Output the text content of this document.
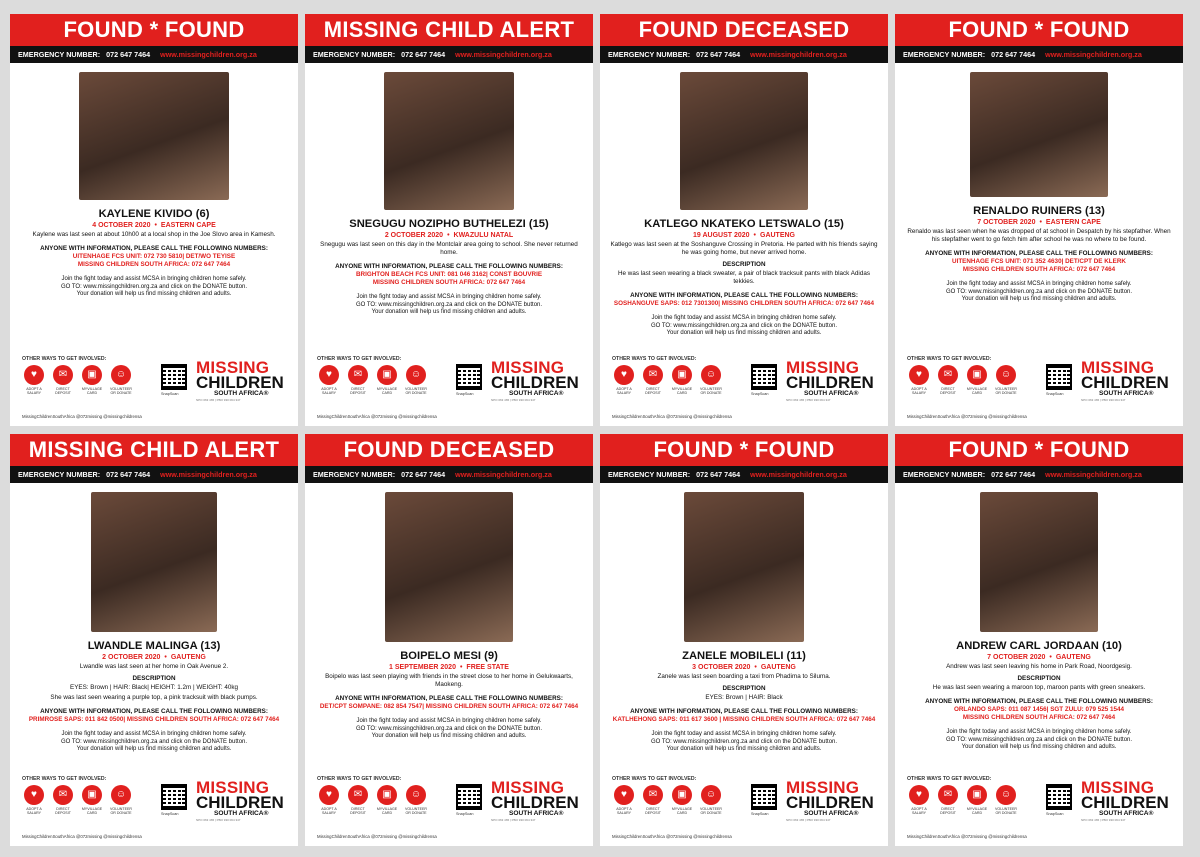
FOUND * FOUND
EMERGENCY NUMBER: 072 647 7464 www.missingchildren.org.za
KAYLENE KIVIDO (6)
4 OCTOBER 2020 • EASTERN CAPE
Kaylene was last seen at about 10h00 at a local shop in the Joe Slovo area in Kamesh.
ANYONE WITH INFORMATION, PLEASE CALL THE FOLLOWING NUMBERS:
UITENHAGE FCS UNIT: 072 730 5810| DET/WO TEYISE
MISSING CHILDREN SOUTH AFRICA: 072 647 7464
Join the fight today and assist MCSA in bringing children home safely.
GO TO: www.missingchildren.org.za and click on the DONATE button.
Your donation will help us find missing children and adults.
OTHER WAYS TO GET INVOLVED:
♥
ADOPT A SALARY
✉
DIRECT DEPOSIT
▣
MYVILLAGE CARD
☺
VOLUNTEER OR DONATE	SnapScan
MISSING
CHILDREN
SOUTH AFRICA®
NPO 063 465 | PBO 930 064 347
MissingChildrenSouthAfrica @072missing @missingchildrensa
MISSING CHILD ALERT
EMERGENCY NUMBER: 072 647 7464 www.missingchildren.org.za
SNEGUGU NOZIPHO BUTHELEZI (15)
2 OCTOBER 2020 • KWAZULU NATAL
Snegugu was last seen on this day in the Montclair area going to school. She never returned home.
ANYONE WITH INFORMATION, PLEASE CALL THE FOLLOWING NUMBERS:
BRIGHTON BEACH FCS UNIT: 081 046 3162| CONST BOUVRIE
MISSING CHILDREN SOUTH AFRICA: 072 647 7464
Join the fight today and assist MCSA in bringing children home safely.
GO TO: www.missingchildren.org.za and click on the DONATE button.
Your donation will help us find missing children and adults.
OTHER WAYS TO GET INVOLVED:
♥
ADOPT A SALARY
✉
DIRECT DEPOSIT
▣
MYVILLAGE CARD
☺
VOLUNTEER OR DONATE	SnapScan
MISSING
CHILDREN
SOUTH AFRICA®
NPO 063 465 | PBO 930 064 347
MissingChildrenSouthAfrica @072missing @missingchildrensa
FOUND DECEASED
EMERGENCY NUMBER: 072 647 7464 www.missingchildren.org.za
KATLEGO NKATEKO LETSWALO (15)
19 AUGUST 2020 • GAUTENG
Katlego was last seen at the Soshanguve Crossing in Pretoria. He parted with his friends saying he was going home, but never arrived home.
DESCRIPTION
He was last seen wearing a black sweater, a pair of black tracksuit pants with black Adidas tekkies.
ANYONE WITH INFORMATION, PLEASE CALL THE FOLLOWING NUMBERS:
SOSHANGUVE SAPS: 012 7301300| MISSING CHILDREN SOUTH AFRICA: 072 647 7464
Join the fight today and assist MCSA in bringing children home safely.
GO TO: www.missingchildren.org.za and click on the DONATE button.
Your donation will help us find missing children and adults.
OTHER WAYS TO GET INVOLVED:
♥
ADOPT A SALARY
✉
DIRECT DEPOSIT
▣
MYVILLAGE CARD
☺
VOLUNTEER OR DONATE	SnapScan
MISSING
CHILDREN
SOUTH AFRICA®
NPO 063 465 | PBO 930 064 347
MissingChildrenSouthAfrica @072missing @missingchildrensa
FOUND * FOUND
EMERGENCY NUMBER: 072 647 7464 www.missingchildren.org.za
RENALDO RUINERS (13)
7 OCTOBER 2020 • EASTERN CAPE
Renaldo was last seen when he was dropped of at school in Despatch by his stepfather. When his stepfather went to go fetch him after school he was no where to be found.
ANYONE WITH INFORMATION, PLEASE CALL THE FOLLOWING NUMBERS:
UITENHAGE FCS UNIT: 071 352 4630| DET/CPT DE KLERK
MISSING CHILDREN SOUTH AFRICA: 072 647 7464
Join the fight today and assist MCSA in bringing children home safely.
GO TO: www.missingchildren.org.za and click on the DONATE button.
Your donation will help us find missing children and adults.
OTHER WAYS TO GET INVOLVED:
♥
ADOPT A SALARY
✉
DIRECT DEPOSIT
▣
MYVILLAGE CARD
☺
VOLUNTEER OR DONATE	SnapScan
MISSING
CHILDREN
SOUTH AFRICA®
NPO 063 465 | PBO 930 064 347
MissingChildrenSouthAfrica @072missing @missingchildrensa
MISSING CHILD ALERT
EMERGENCY NUMBER: 072 647 7464 www.missingchildren.org.za
LWANDLE MALINGA (13)
2 OCTOBER 2020 • GAUTENG
Lwandle was last seen at her home in Oak Avenue 2.
DESCRIPTION
EYES: Brown | HAIR: Black| HEIGHT: 1.2m | WEIGHT: 40kg
She was last seen wearing a purple top, a pink tracksuit with black pumps.
ANYONE WITH INFORMATION, PLEASE CALL THE FOLLOWING NUMBERS:
PRIMROSE SAPS: 011 842 0500| MISSING CHILDREN SOUTH AFRICA: 072 647 7464
Join the fight today and assist MCSA in bringing children home safely.
GO TO: www.missingchildren.org.za and click on the DONATE button.
Your donation will help us find missing children and adults.
OTHER WAYS TO GET INVOLVED:
♥
ADOPT A SALARY
✉
DIRECT DEPOSIT
▣
MYVILLAGE CARD
☺
VOLUNTEER OR DONATE	SnapScan
MISSING
CHILDREN
SOUTH AFRICA®
NPO 063 465 | PBO 930 064 347
MissingChildrenSouthAfrica @072missing @missingchildrensa
FOUND DECEASED
EMERGENCY NUMBER: 072 647 7464 www.missingchildren.org.za
BOIPELO MESI (9)
1 SEPTEMBER 2020 • FREE STATE
Boipelo was last seen playing with friends in the street close to her home in Gelukwaarts, Maokeng.
ANYONE WITH INFORMATION, PLEASE CALL THE FOLLOWING NUMBERS:
DET/CPT SOMPANE: 082 854 7547| MISSING CHILDREN SOUTH AFRICA: 072 647 7464
Join the fight today and assist MCSA in bringing children home safely.
GO TO: www.missingchildren.org.za and click on the DONATE button.
Your donation will help us find missing children and adults.
OTHER WAYS TO GET INVOLVED:
♥
ADOPT A SALARY
✉
DIRECT DEPOSIT
▣
MYVILLAGE CARD
☺
VOLUNTEER OR DONATE	SnapScan
MISSING
CHILDREN
SOUTH AFRICA®
NPO 063 465 | PBO 930 064 347
MissingChildrenSouthAfrica @072missing @missingchildrensa
FOUND * FOUND
EMERGENCY NUMBER: 072 647 7464 www.missingchildren.org.za
ZANELE MOBILELI (11)
3 OCTOBER 2020 • GAUTENG
Zanele was last seen boarding a taxi from Phadima to Siluma.
DESCRIPTION
EYES: Brown | HAIR: Black
ANYONE WITH INFORMATION, PLEASE CALL THE FOLLOWING NUMBERS:
KATLHEHONG SAPS: 011 617 3600 | MISSING CHILDREN SOUTH AFRICA: 072 647 7464
Join the fight today and assist MCSA in bringing children home safely.
GO TO: www.missingchildren.org.za and click on the DONATE button.
Your donation will help us find missing children and adults.
OTHER WAYS TO GET INVOLVED:
♥
ADOPT A SALARY
✉
DIRECT DEPOSIT
▣
MYVILLAGE CARD
☺
VOLUNTEER OR DONATE	SnapScan
MISSING
CHILDREN
SOUTH AFRICA®
NPO 063 465 | PBO 930 064 347
MissingChildrenSouthAfrica @072missing @missingchildrensa
FOUND * FOUND
EMERGENCY NUMBER: 072 647 7464 www.missingchildren.org.za
ANDREW CARL JORDAAN (10)
7 OCTOBER 2020 • GAUTENG
Andrew was last seen leaving his home in Park Road, Noordgesig.
DESCRIPTION
He was last seen wearing a maroon top, maroon pants with green sneakers.
ANYONE WITH INFORMATION, PLEASE CALL THE FOLLOWING NUMBERS:
ORLANDO SAPS: 011 087 1456| SGT ZULU: 079 525 1544
MISSING CHILDREN SOUTH AFRICA: 072 647 7464
Join the fight today and assist MCSA in bringing children home safely.
GO TO: www.missingchildren.org.za and click on the DONATE button.
Your donation will help us find missing children and adults.
OTHER WAYS TO GET INVOLVED:
♥
ADOPT A SALARY
✉
DIRECT DEPOSIT
▣
MYVILLAGE CARD
☺
VOLUNTEER OR DONATE	SnapScan
MISSING
CHILDREN
SOUTH AFRICA®
NPO 063 465 | PBO 930 064 347
MissingChildrenSouthAfrica @072missing @missingchildrensa
